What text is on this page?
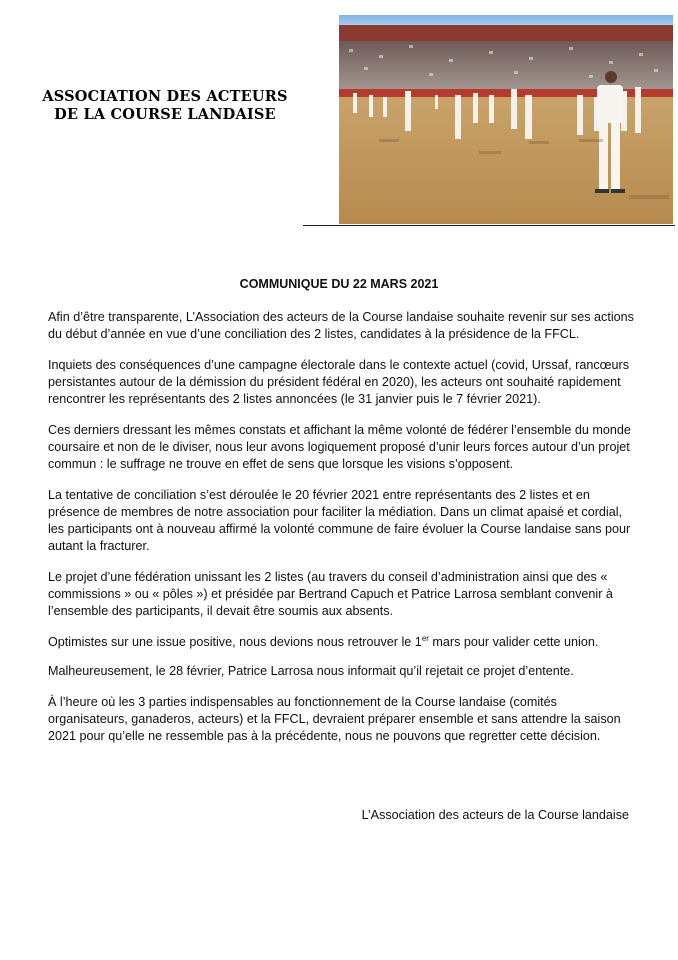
ASSOCIATION DES ACTEURS
DE LA COURSE LANDAISE
COMMUNIQUE DU 22 MARS 2021

Afin d’être transparente, L’Association des acteurs de la Course landaise souhaite revenir sur ses actions du début d’année en vue d’une conciliation des 2 listes, candidates à la présidence de la FFCL.

Inquiets des conséquences d’une campagne électorale dans le contexte actuel (covid, Urssaf, rancœurs persistantes autour de la démission du président fédéral en 2020), les acteurs ont souhaité rapidement rencontrer les représentants des 2 listes annoncées (le 31 janvier puis le 7 février 2021).

Ces derniers dressant les mêmes constats et affichant la même volonté de fédérer l’ensemble du monde coursaire et non de le diviser, nous leur avons logiquement proposé d’unir leurs forces autour d’un projet commun : le suffrage ne trouve en effet de sens que lorsque les visions s’opposent.

La tentative de conciliation s’est déroulée le 20 février 2021 entre représentants des 2 listes et en présence de membres de notre association pour faciliter la médiation. Dans un climat apaisé et cordial, les participants ont à nouveau affirmé la volonté commune de faire évoluer la Course landaise sans pour autant la fracturer.

Le projet d’une fédération unissant les 2 listes (au travers du conseil d’administration ainsi que des « commissions » ou « pôles ») et présidée par Bertrand Capuch et Patrice Larrosa semblant convenir à l’ensemble des participants, il devait être soumis aux absents.

Optimistes sur une issue positive, nous devions nous retrouver le 1er mars pour valider cette union.

Malheureusement, le 28 février, Patrice Larrosa nous informait qu’il rejetait ce projet d’entente.

À l’heure où les 3 parties indispensables au fonctionnement de la Course landaise (comités organisateurs, ganaderos, acteurs) et la FFCL, devraient préparer ensemble et sans attendre la saison 2021 pour qu’elle ne ressemble pas à la précédente, nous ne pouvons que regretter cette décision.

L’Association des acteurs de la Course landaise
